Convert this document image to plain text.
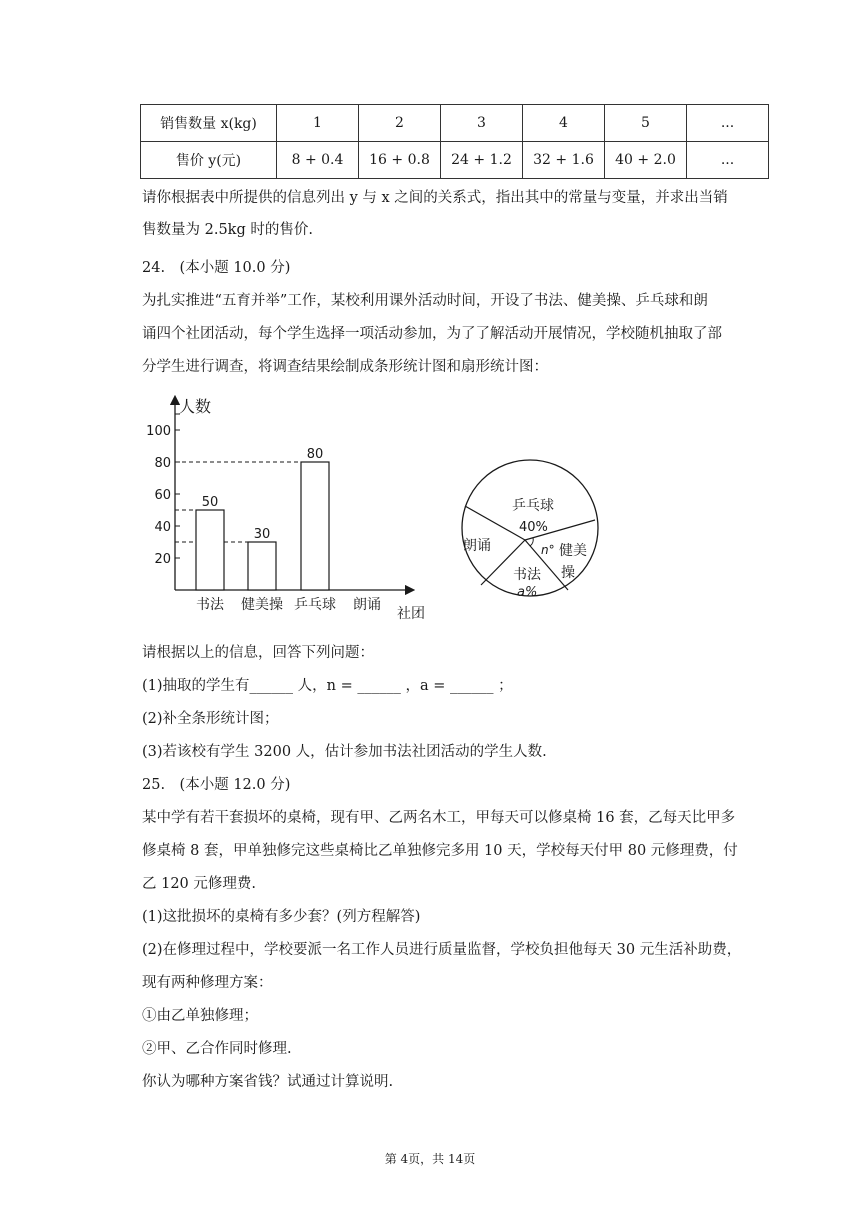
销售数量 x(kg)	1	2	3	4	5	...
售价 y(元)	8 + 0.4	16 + 0.8	24 + 1.2	32 + 1.6	40 + 2.0	...
请你根据表中所提供的信息列出 y 与 x 之间的关系式，指出其中的常量与变量，并求出当销
售数量为 2.5kg 时的售价.
24.　(本小题 10.0 分)
为扎实推进“五育并举”工作，某校利用课外活动时间，开设了书法、健美操、乒乓球和朗
诵四个社团活动，每个学生选择一项活动参加，为了了解活动开展情况，学校随机抽取了部
分学生进行调查，将调查结果绘制成条形统计图和扇形统计图：
人数
社团
20
40
60
80
100
50
30
80
书法 健美操 乒乓球 朗诵
乒乓球
40%
朗诵	n° 健美
操
书法
a%
请根据以上的信息，回答下列问题：
(1)抽取的学生有______ 人，n = ______ ，a = ______ ；
(2)补全条形统计图；
(3)若该校有学生 3200 人，估计参加书法社团活动的学生人数.
25.　(本小题 12.0 分)
某中学有若干套损坏的桌椅，现有甲、乙两名木工，甲每天可以修桌椅 16 套，乙每天比甲多
修桌椅 8 套，甲单独修完这些桌椅比乙单独修完多用 10 天，学校每天付甲 80 元修理费，付
乙 120 元修理费.
(1)这批损坏的桌椅有多少套？(列方程解答)
(2)在修理过程中，学校要派一名工作人员进行质量监督，学校负担他每天 30 元生活补助费，
现有两种修理方案：
①由乙单独修理；
②甲、乙合作同时修理.
你认为哪种方案省钱？试通过计算说明.
第 4页，共 14页
